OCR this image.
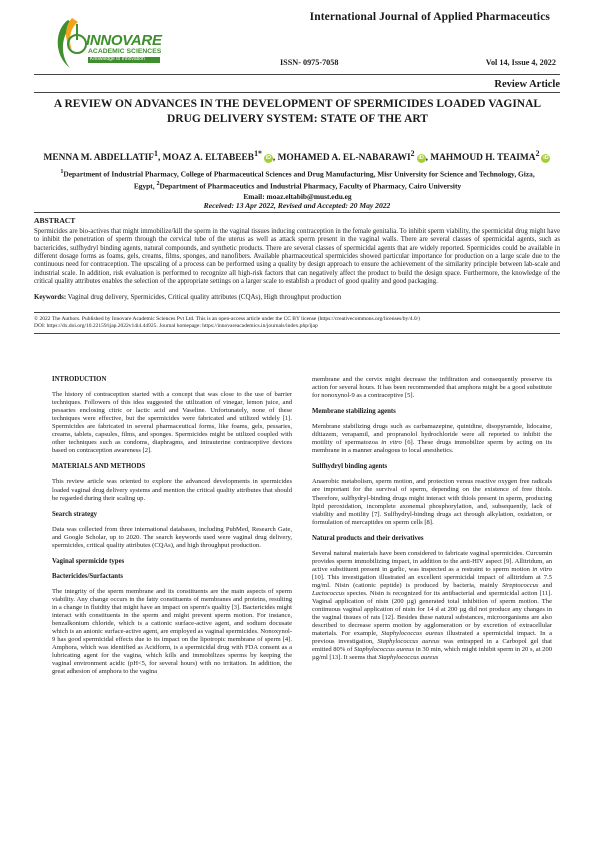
INNOVARE
ACADEMIC SCIENCES
Knowledge to Innovation
International Journal of Applied Pharmaceutics
ISSN- 0975-7058	Vol 14, Issue 4, 2022
Review Article
A REVIEW ON ADVANCES IN THE DEVELOPMENT OF SPERMICIDES LOADED VAGINAL DRUG DELIVERY SYSTEM: STATE OF THE ART
MENNA M. ABDELLATIF$^1$, MOAZ A. $ELTABEEB^{1*}iD$ , MOHAMED A. EL-NABARAWI$^2$iD , MAHMOUD H. TEAIMA$^2$iD
$^1$Department of Industrial Pharmacy, College of Pharmaceutical Sciences and Drug Manufacturing, Misr University for Science and Technology, Giza, Egypt, $^2$Department of Pharmaceutics and Industrial Pharmacy, Faculty of Pharmacy, Cairo University
Email: moaz.eltabib@must.edu.eg
Received: 13 Apr 2022, Revised and Accepted: 20 May 2022
ABSTRACT
Spermicides are bio-actives that might immobilize/kill the sperm in the vaginal tissues inducing contraception in the female genitalia. To inhibit sperm viability, the spermicidal drug might have to inhibit the penetration of sperm through the cervical tube of the uterus as well as attack sperm present in the vaginal walls. There are several classes of spermicidal agents, such as bactericides, sulfhydryl binding agents, natural compounds, and synthetic products. There are several classes of spermicidal agents that are widely reported. Spermicides could be available in different dosage forms as foams, gels, creams, films, sponges, and nanofibers. Available pharmaceutical spermicides showed particular importance for production on a large scale due to the continuous need for contraception. The upscaling of a process can be performed using a quality by design approach to ensure the achievement of the similarity principle between lab-scale and industrial scale. In addition, risk evaluation is performed to recognize all high-risk factors that can negatively affect the product to build the design space. Furthermore, the knowledge of the critical quality attributes enables the selection of the appropriate settings on a larger scale to establish a product of good quality and good packaging.
Keywords: Vaginal drug delivery, Spermicides, Critical quality attributes (CQAs), High throughput production
© 2022 The Authors. Published by Innovare Academic Sciences Pvt Ltd. This is an open-access article under the CC BY license (https://creativecommons.org/licenses/by/4.0/)
DOI: https://dx.doi.org/10.22159/ijap.2022v14i4.44925. Journal homepage: https://innovareacademics.in/journals/index.php/ijap
INTRODUCTION
The history of contraception started with a concept that was close to the use of barrier techniques. Followers of this idea suggested the utilization of vinegar, lemon juice, and pessaries enclosing citric or lactic acid and Vaseline. Unfortunately, none of these techniques were effective, but the spermicides were fabricated and utilized widely [1]. Spermicides are fabricated in several pharmaceutical forms, like foams, gels, pessaries, creams, tablets, capsules, films, and sponges. Spermicides might be utilized coupled with other techniques such as condoms, diaphragms, and intrauterine contraceptive devices based on contraception awareness [2].
MATERIALS AND METHODS
This review article was oriented to explore the advanced developments in spermicides loaded vaginal drug delivery systems and mention the critical quality attributes that should be regarded during their scaling up.
Search strategy
Data was collected from three international databases, including PubMed, Research Gate, and Google Scholar, up to 2020. The search keywords used were vaginal drug delivery, spermicides, critical quality attributes (CQAs), and high throughput production.
Vaginal spermicide types
Bactericides/Surfactants
The integrity of the sperm membrane and its constituents are the main aspects of sperm viability. Any change occurs in the fatty constituents of membranes and proteins, resulting in a change in fluidity that might have an impact on sperm's quality [3]. Bactericides might interact with constituents in the sperm and might prevent sperm motion. For instance, benzalkonium chloride, which is a cationic surface-active agent, and sodium docusate which is an anionic surface-active agent, are employed as vaginal spermicides. Nonoxynol-9 has good spermicidal effects due to its impact on the lipotropic membrane of sperm [4]. Amphora, which was identified as Acidform, is a spermicidal drug with FDA consent as a lubricating agent for the vagina, which kills and immobilizes sperms by keeping the vaginal environment acidic (pH<5, for several hours) with no irritation. In addition, the great adhesion of amphora to the vagina
membrane and the cervix might decrease the infiltration and consequently preserve its action for several hours. It has been recommended that amphora might be a good substitute for nonoxynol-9 as a contraceptive [5].
Membrane stabilizing agents
Membrane stabilizing drugs such as carbamazepine, quinidine, disopyramide, lidocaine, diltiazem, verapamil, and propranolol hydrochloride were all reported to inhibit the motility of spermatozoa in vitro [6]. These drugs immobilize sperm by acting on its membrane in a manner analogous to local anesthetics.
Sulfhydryl binding agents
Anaerobic metabolism, sperm motion, and protection versus reactive oxygen free radicals are important for the survival of sperm, depending on the existence of free thiols. Therefore, sulfhydryl-binding drugs might interact with thiols present in sperm, producing lipid peroxidation, incomplete axonemal phosphorylation, and, subsequently, lack of viability and motility [7]. Sulfhydryl-binding drugs act through alkylation, oxidation, or formulation of mercaptides on sperm cells [8].
Natural products and their derivatives
Several natural materials have been considered to fabricate vaginal spermicides. Curcumin provides sperm immobilizing impact, in addition to the anti-HIV aspect [9]. Allitridum, an active substituent present in garlic, was inspected as a restraint to sperm motion in vitro [10]. This investigation illustrated an excellent spermicidal impact of allitridum at 7.5 mg/ml. Nisin (cationic peptide) is produced by bacteria, mainly Streptococcus and Lactococcus species. Nisin is recognized for its antibacterial and spermicidal action [11]. Vaginal application of nisin (200 µg) generated total inhibition of sperm motion. The continuous vaginal application of nisin for 14 d at 200 µg did not produce any changes in the vaginal tissues of rats [12]. Besides these natural substances, microorganisms are also described to decrease sperm motion by agglomeration or by excretion of extracellular materials. For example, Staphylococcus aureus illustrated a spermicidal impact. In a previous investigation, Staphylococcus aureus was entrapped in a Carbopol gel that emitted 80% of Staphylococcus aureus in 30 min, which might inhibit sperm in 20 s, at 200 µg/ml [13]. It seems that Staphylococcus aureus
